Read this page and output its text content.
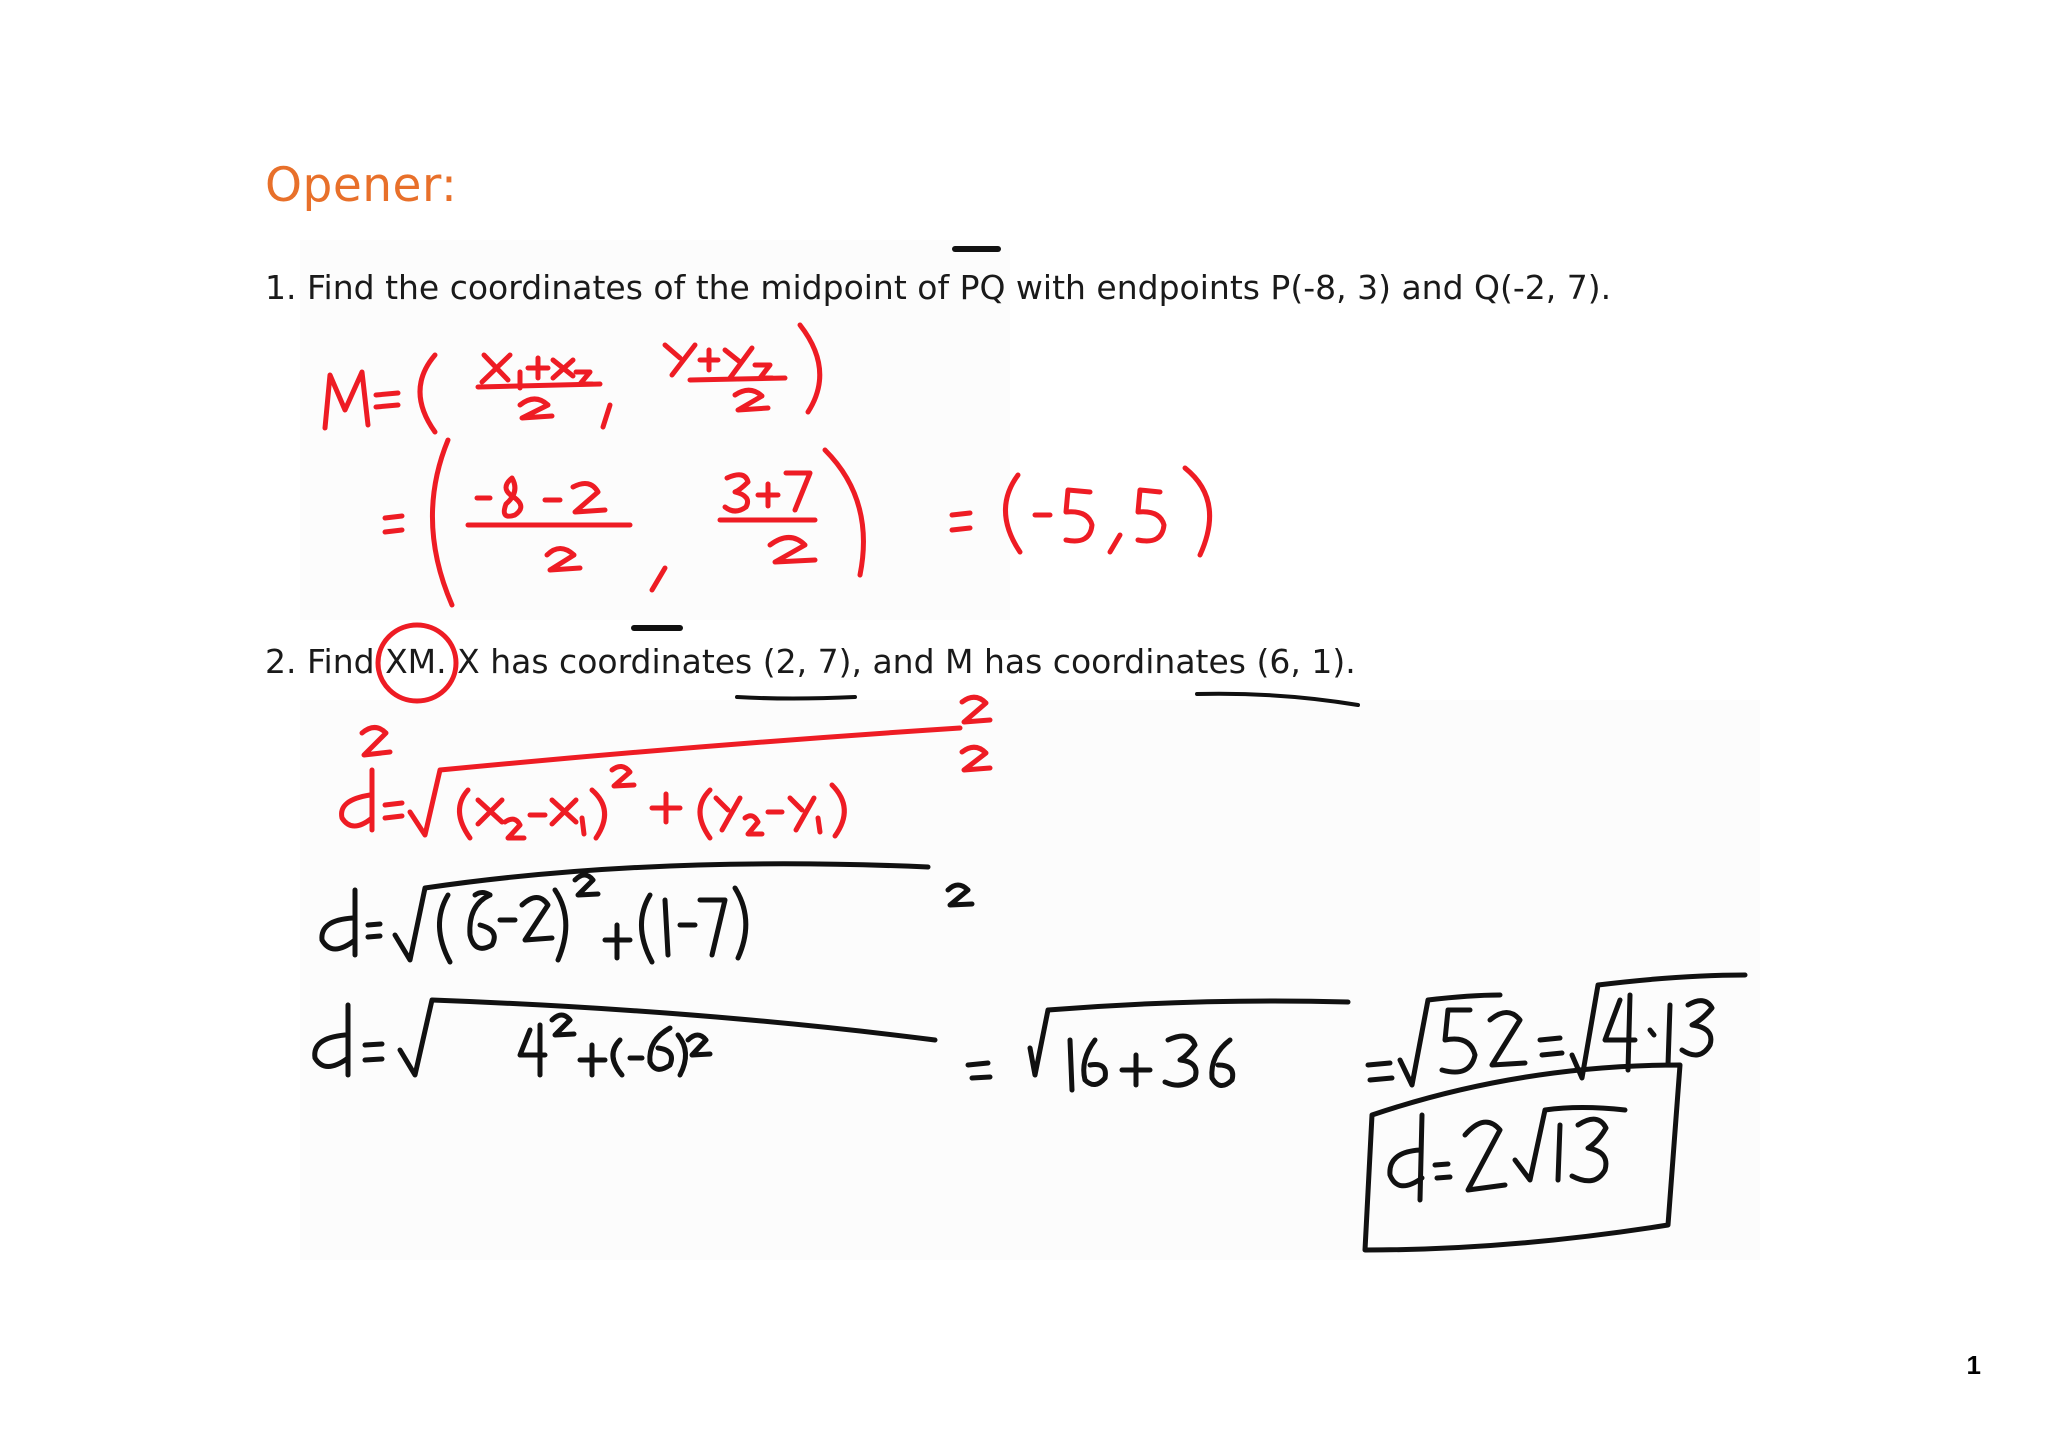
Opener:
1. Find the coordinates of the midpoint of PQ with endpoints P(-8, 3) and Q(-2, 7).
2. Find XM. X has coordinates (2, 7), and M has coordinates (6, 1).
1
